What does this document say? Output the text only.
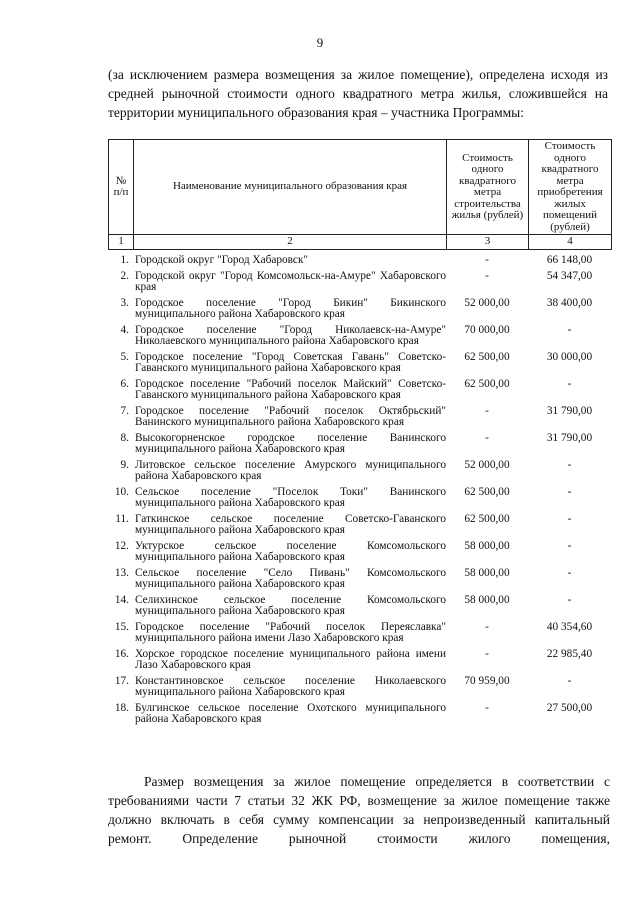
9
(за исключением размера возмещения за жилое помещение), определена исходя из средней рыночной стоимости одного квадратного метра жилья, сложившейся на территории муниципального образования края – участника Программы:
№ п/п	Наименование муниципального образования края	Стоимость одного квадратного метра строительства жилья (рублей)	Стоимость одного квадратного метра приобретения жилых помещений (рублей)
1	2	3	4
1.	Городской округ "Город Хабаровск"	-	66 148,00
2.	Городской округ "Город Комсомольск-на-Амуре" Хабаровского края	-	54 347,00
3.	Городское поселение "Город Бикин" Бикинского муниципального района Хабаровского края	52 000,00	38 400,00
4.	Городское поселение "Город Николаевск-на-Амуре" Николаевского муниципального района Хабаровского края	70 000,00	-
5.	Городское поселение "Город Советская Гавань" Советско-Гаванского муниципального района Хабаровского края	62 500,00	30 000,00
6.	Городское поселение "Рабочий поселок Майский" Советско-Гаванского муниципального района Хабаровского края	62 500,00	-
7.	Городское поселение "Рабочий поселок Октябрьский" Ванинского муниципального района Хабаровского края	-	31 790,00
8.	Высокогорненское городское поселение Ванинского муниципального района Хабаровского края	-	31 790,00
9.	Литовское сельское поселение Амурского муниципального района Хабаровского края	52 000,00	-
10.	Сельское поселение "Поселок Токи" Ванинского муниципального района Хабаровского края	62 500,00	-
11.	Гаткинское сельское поселение Советско-Гаванского муниципального района Хабаровского края	62 500,00	-
12.	Уктурское сельское поселение Комсомольского муниципального района Хабаровского края	58 000,00	-
13.	Сельское поселение "Село Пивань" Комсомольского муниципального района Хабаровского края	58 000,00	-
14.	Селихинское сельское поселение Комсомольского муниципального района Хабаровского края	58 000,00	-
15.	Городское поселение "Рабочий поселок Переяславка" муниципального района имени Лазо Хабаровского края	-	40 354,60
16.	Хорское городское поселение муниципального района имени Лазо Хабаровского края	-	22 985,40
17.	Константиновское сельское поселение Николаевского муниципального района Хабаровского края	70 959,00	-
18.	Булгинское сельское поселение Охотского муниципального района Хабаровского края	-	27 500,00
Размер возмещения за жилое помещение определяется в соответствии с требованиями части 7 статьи 32 ЖК РФ, возмещение за жилое помещение также должно включать в себя сумму компенсации за непроизведенный капитальный ремонт. Определение рыночной стоимости жилого помещения,
